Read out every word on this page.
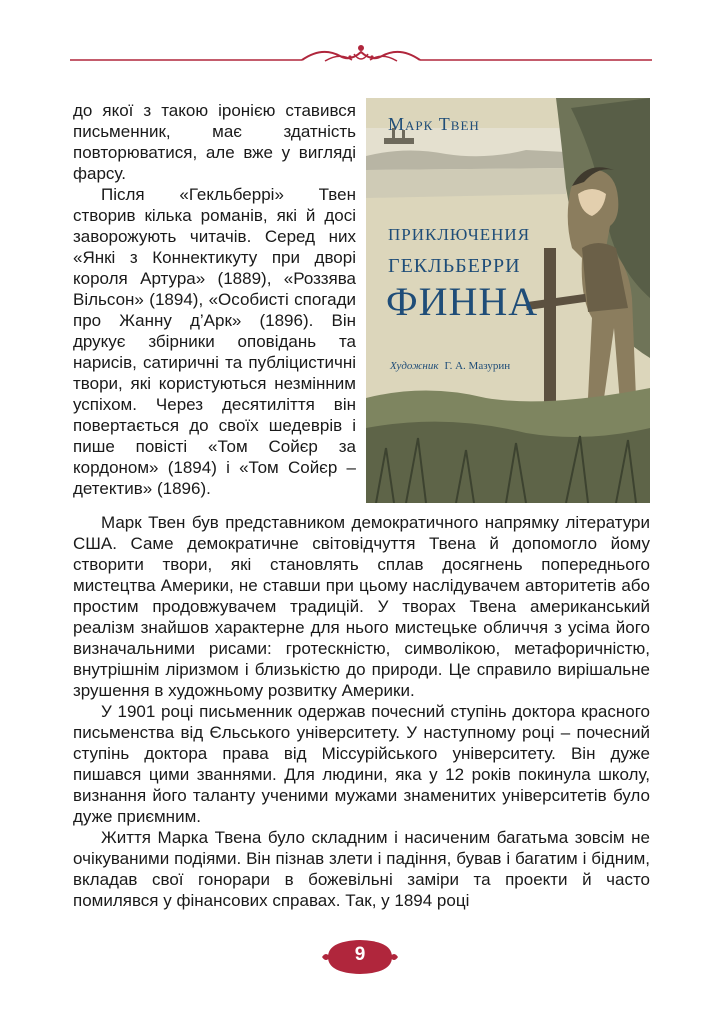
до якої з такою іронією ставився письменник, має здатність повторюватися, але вже у вигляді фарсу.

Після «Гекльберрі» Твен створив кілька романів, які й досі заворожують читачів. Серед них «Янкі з Коннектикуту при дворі короля Артура» (1889), «Роззява Вільсон» (1894), «Особисті спогади про Жанну д’Арк» (1896). Він друкує збірники оповідань та нарисів, сатиричні та публіцистичні твори, які користуються незмінним успіхом. Через десятиліття він повертається до своїх шедеврів і пише повісті «Том Сойєр за кордоном» (1894) і «Том Сойєр – детектив» (1896).

Марк Твен
ПРИКЛЮЧЕНИЯ
ГЕКЛЬБЕРРИ
ФИННА
Художник Г. А. Мазурин

Марк Твен був представником демократичного напрямку літератури США. Саме демократичне світовідчуття Твена й допомогло йому створити твори, які становлять сплав досягнень попереднього мистецтва Америки, не ставши при цьому наслідувачем авторитетів або простим продовжувачем традицій. У творах Твена американський реалізм знайшов характерне для нього мистецьке обличчя з усіма його визначальними рисами: гротескністю, символікою, метафоричністю, внутрішнім ліризмом і близькістю до природи. Це справило вирішальне зрушення в художньому розвитку Америки.

У 1901 році письменник одержав почесний ступінь доктора красного письменства від Єльського університету. У наступному році – почесний ступінь доктора права від Міссурійського університету. Він дуже пишався цими званнями. Для людини, яка у 12 років покинула школу, визнання його таланту ученими мужами знаменитих університетів було дуже приємним.

Життя Марка Твена було складним і насиченим багатьма зовсім не очікуваними подіями. Він пізнав злети і падіння, бував і багатим і бідним, вкладав свої гонорари в божевільні заміри та проекти й часто помилявся у фінансових справах. Так, у 1894 році

9
